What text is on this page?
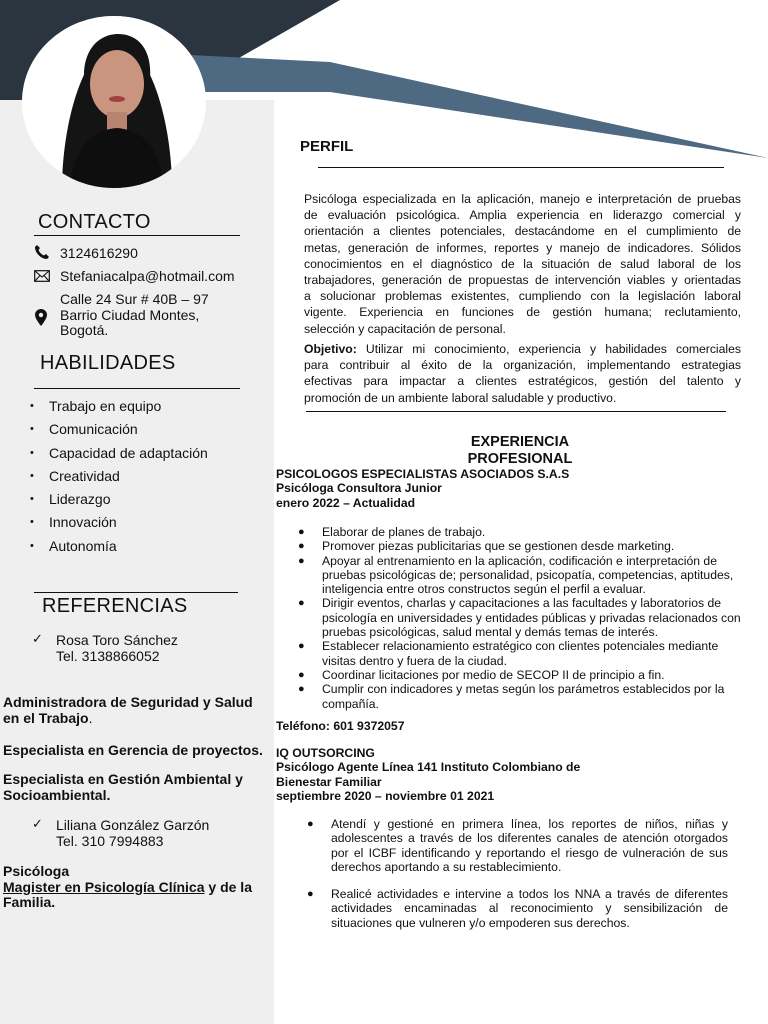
CONTACTO
3124616290
Stefaniacalpa@hotmail.com
Calle 24 Sur # 40B – 97
Barrio Ciudad Montes,
Bogotá.
HABILIDADES
• Trabajo en equipo
• Comunicación
• Capacidad de adaptación
• Creatividad
• Liderazgo
• Innovación
• Autonomía
REFERENCIAS
✓ Rosa Toro Sánchez
Tel. 3138866052
Administradora de Seguridad y Salud
en el Trabajo.
Especialista en Gerencia de proyectos.
Especialista en Gestión Ambiental y
Socioambiental.
✓ Liliana González Garzón
Tel. 310 7994883
Psicóloga
Magister en Psicología Clínica y de la
Familia.
PERFIL
Psicóloga especializada en la aplicación, manejo e interpretación de pruebas
de evaluación psicológica. Amplia experiencia en liderazgo comercial y
orientación a clientes potenciales, destacándome en el cumplimiento de
metas, generación de informes, reportes y manejo de indicadores. Sólidos
conocimientos en el diagnóstico de la situación de salud laboral de los
trabajadores, generación de propuestas de intervención viables y orientadas
a solucionar problemas existentes, cumpliendo con la legislación laboral
vigente. Experiencia en funciones de gestión humana; reclutamiento,
selección y capacitación de personal.
Objetivo: Utilizar mi conocimiento, experiencia y habilidades comerciales
para contribuir al éxito de la organización, implementando estrategias
efectivas para impactar a clientes estratégicos, gestión del talento y
promoción de un ambiente laboral saludable y productivo.
EXPERIENCIA
PROFESIONAL
PSICOLOGOS ESPECIALISTAS ASOCIADOS S.A.S
Psicóloga Consultora Junior
enero 2022 – Actualidad
● Elaborar de planes de trabajo.
● Promover piezas publicitarias que se gestionen desde marketing.
● Apoyar al entrenamiento en la aplicación, codificación e interpretación de
pruebas psicológicas de; personalidad, psicopatía, competencias, aptitudes,
inteligencia entre otros constructos según el perfil a evaluar.
● Dirigir eventos, charlas y capacitaciones a las facultades y laboratorios de
psicología en universidades y entidades públicas y privadas relacionados con
pruebas psicológicas, salud mental y demás temas de interés.
● Establecer relacionamiento estratégico con clientes potenciales mediante
visitas dentro y fuera de la ciudad.
● Coordinar licitaciones por medio de SECOP II de principio a fin.
● Cumplir con indicadores y metas según los parámetros establecidos por la
compañía.
Teléfono: 601 9372057
IQ OUTSORCING
Psicólogo Agente Línea 141 Instituto Colombiano de
Bienestar Familiar
septiembre 2020 – noviembre 01 2021
● Atendí y gestioné en primera línea, los reportes de niños, niñas y
adolescentes a través de los diferentes canales de atención otorgados
por el ICBF identificando y reportando el riesgo de vulneración de sus
derechos aportando a su restablecimiento.
● Realicé actividades e intervine a todos los NNA a través de diferentes
actividades encaminadas al reconocimiento y sensibilización de
situaciones que vulneren y/o empoderen sus derechos.
